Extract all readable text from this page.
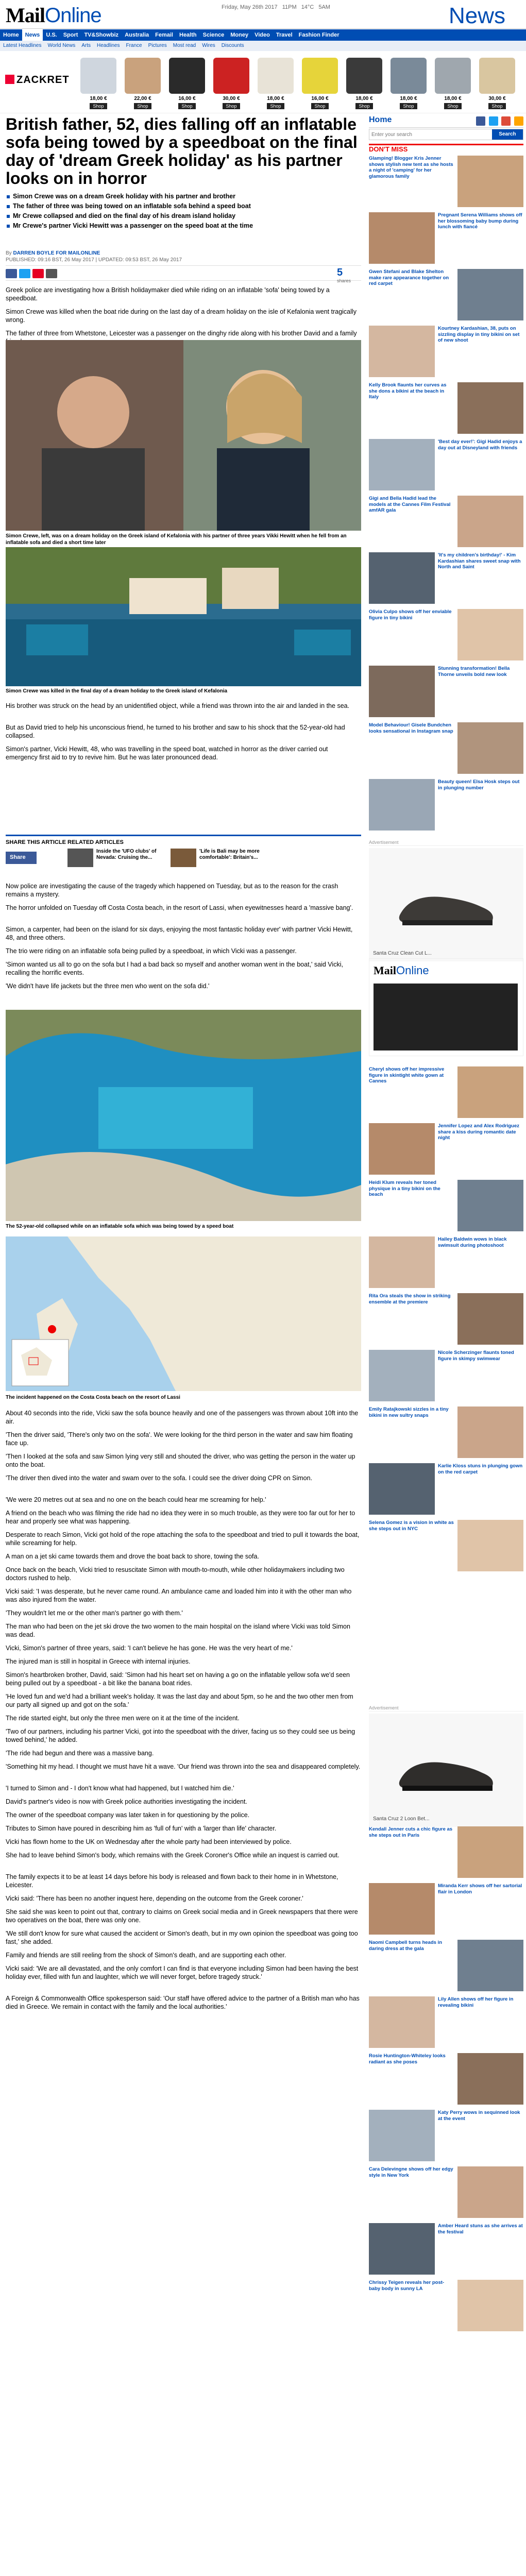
MailOnline	Friday, May 26th 2017 11PM 14°C 5AM	News
Home	News	U.S.	Sport	TV&Showbiz	Australia	Femail	Health	Science	Money	Video	Travel	Fashion Finder
Latest Headlines	World News	Arts	Headlines	France	Pictures	Most read	Wires	Discounts
ZACKRET
18,00 €
Shop
22,00 €
Shop
16,00 €
Shop
30,00 €
Shop
18,00 €
Shop
16,00 €
Shop
18,00 €
Shop
18,00 €
Shop
18,00 €
Shop
30,00 €
Shop
British father, 52, dies falling off an inflatable sofa being towed by a speedboat on the final day of 'dream Greek holiday' as his partner looks on in horror
Simon Crewe was on a dream Greek holiday with his partner and brother
The father of three was being towed on an inflatable sofa behind a speed boat
Mr Crewe collapsed and died on the final day of his dream island holiday
Mr Crewe's partner Vicki Hewitt was a passenger on the speed boat at the time
By DARREN BOYLE FOR MAILONLINE
PUBLISHED: 09:16 BST, 26 May 2017 | UPDATED: 09:53 BST, 26 May 2017
5
shares

Greek police are investigating how a British holidaymaker died while riding on an inflatable 'sofa' being towed by a speedboat.

Simon Crewe was killed when the boat ride during on the last day of a dream holiday on the isle of Kefalonia went tragically wrong.

The father of three from Whetstone, Leicester was a passenger on the dinghy ride along with his brother David and a family

Simon Crewe, left, was on a dream holiday on the Greek island of Kefalonia with his partner of three years Vikki Hewitt when he fell from an inflatable sofa and died a short time later
Simon Crewe was killed in the final day of a dream holiday to the Greek island of Kefalonia

His brother was struck on the head by an unidentified object, while a friend was thrown into the air and landed in the sea.

But as David tried to help his unconscious friend, he turned to his brother and saw to his shock that the 52-year-old had collapsed.

Simon's partner, Vicki Hewitt, 48, who was travelling in the speed boat, watched in horror as the driver carried out emergency first aid to try to revive him. But he was later pronounced dead.

SHARE THIS ARTICLE
Share
RELATED ARTICLES
Inside the 'UFO clubs' of Nevada: Cruising the...
'Life is Bali may be more comfortable': Britain's...

Now police are investigating the cause of the tragedy which happened on Tuesday, but as to the reason for the crash remains a mystery.

The horror unfolded on Tuesday off Costa Costa beach, in the resort of Lassi, when eyewitnesses heard a 'massive bang'.

Simon, a carpenter, had been on the island for six days, enjoying the most fantastic holiday ever' with partner Vicki Hewitt, 48, and three others.

The trio were riding on an inflatable sofa being pulled by a speedboat, in which Vicki was a passenger.

'Simon wanted us all to go on the sofa but I had a bad back so myself and another woman went in the boat,' said Vicki, recalling the horrific events.

'We didn't have life jackets but the three men who went on the sofa did.'

The 52-year-old collapsed while on an inflatable sofa which was being towed by a speed boat
The incident happened on the Costa Costa beach on the resort of Lassi

About 40 seconds into the ride, Vicki saw the sofa bounce heavily and one of the passengers was thrown about 10ft into the air.

'Then the driver said, 'There's only two on the sofa'. We were looking for the third person in the water and saw him floating face up.

'Then I looked at the sofa and saw Simon lying very still and shouted the driver, who was getting the person in the water up onto the boat.

'The driver then dived into the water and swam over to the sofa. I could see the driver doing CPR on Simon.

'We were 20 metres out at sea and no one on the beach could hear me screaming for help.'

A friend on the beach who was filming the ride had no idea they were in so much trouble, as they were too far out for her to hear and properly see what was happening.

Desperate to reach Simon, Vicki got hold of the rope attaching the sofa to the speedboat and tried to pull it towards the boat, while screaming for help.

A man on a jet ski came towards them and drove the boat back to shore, towing the sofa.

Once back on the beach, Vicki tried to resuscitate Simon with mouth-to-mouth, while other holidaymakers including two doctors rushed to help.

Vicki said: 'I was desperate, but he never came round. An ambulance came and loaded him into it with the other man who was also injured from the water.

'They wouldn't let me or the other man's partner go with them.'

The man who had been on the jet ski drove the two women to the main hospital on the island where Vicki was told Simon was dead.

Vicki, Simon's partner of three years, said: 'I can't believe he has gone. He was the very heart of me.'

The injured man is still in hospital in Greece with internal injuries.

Simon's heartbroken brother, David, said: 'Simon had his heart set on having a go on the inflatable yellow sofa we'd seen being pulled out by a speedboat - a bit like the banana boat rides.

'He loved fun and we'd had a brilliant week's holiday. It was the last day and about 5pm, so he and the two other men from our party all signed up and got on the sofa.'

The ride started eight, but only the three men were on it at the time of the incident.

'Two of our partners, including his partner Vicki, got into the speedboat with the driver, facing us so they could see us being towed behind,' he added.

'The ride had begun and there was a massive bang.

'Something hit my head. I thought we must have hit a wave. 'Our friend was thrown into the sea and disappeared completely.

'I turned to Simon and - I don't know what had happened, but I watched him die.'

David's partner's video is now with Greek police authorities investigating the incident.

The owner of the speedboat company was later taken in for questioning by the police.

Tributes to Simon have poured in describing him as 'full of fun' with a 'larger than life' character.

Vicki has flown home to the UK on Wednesday after the whole party had been interviewed by police.

She had to leave behind Simon's body, which remains with the Greek Coroner's Office while an inquest is carried out.

The family expects it to be at least 14 days before his body is released and flown back to their home in in Whetstone, Leicester.

Vicki said: 'There has been no another inquest here, depending on the outcome from the Greek coroner.'

She said she was keen to point out that, contrary to claims on Greek social media and in Greek newspapers that there were two operatives on the boat, there was only one.

'We still don't know for sure what caused the accident or Simon's death, but in my own opinion the speedboat was going too fast,' she added.

Family and friends are still reeling from the shock of Simon's death, and are supporting each other.

Vicki said: 'We are all devastated, and the only comfort I can find is that everyone including Simon had been having the best holiday ever, filled with fun and laughter, which we will never forget, before tragedy struck.'

A Foreign & Commonwealth Office spokesperson said: 'Our staff have offered advice to the partner of a British man who has died in Greece. We remain in contact with the family and the local authorities.'

Home

Enter your search
Search
DON'T MISS
Glamping! Blogger Kris Jenner shows stylish new tent as she hosts a night of 'camping' for her glamorous family
Pregnant Serena Williams shows off her blossoming baby bump during lunch with fiancé
Gwen Stefani and Blake Shelton make rare appearance together on red carpet
Kourtney Kardashian, 38, puts on sizzling display in tiny bikini on set of new shoot
Kelly Brook flaunts her curves as she dons a bikini at the beach in Italy
'Best day ever!': Gigi Hadid enjoys a day out at Disneyland with friends
Gigi and Bella Hadid lead the models at the Cannes Film Festival amfAR gala
'It's my children's birthday!' - Kim Kardashian shares sweet snap with North and Saint
Olivia Culpo shows off her enviable figure in tiny bikini
Stunning transformation! Bella Thorne unveils bold new look
Model Behaviour! Gisele Bundchen looks sensational in Instagram snap
Beauty queen! Elsa Hosk steps out in plunging number
Advertisement
Santa Cruz Clean Cut L...
MailOnline
Cheryl shows off her impressive figure in skintight white gown at Cannes
Jennifer Lopez and Alex Rodriguez share a kiss during romantic date night
Heidi Klum reveals her toned physique in a tiny bikini on the beach
Hailey Baldwin wows in black swimsuit during photoshoot
Rita Ora steals the show in striking ensemble at the premiere
Nicole Scherzinger flaunts toned figure in skimpy swimwear
Emily Ratajkowski sizzles in a tiny bikini in new sultry snaps
Karlie Kloss stuns in plunging gown on the red carpet
Selena Gomez is a vision in white as she steps out in NYC
Advertisement
Santa Cruz 2 Loon Bet...
Kendall Jenner cuts a chic figure as she steps out in Paris
Miranda Kerr shows off her sartorial flair in London
Naomi Campbell turns heads in daring dress at the gala
Lily Allen shows off her figure in revealing bikini
Rosie Huntington-Whiteley looks radiant as she poses
Katy Perry wows in sequinned look at the event
Cara Delevingne shows off her edgy style in New York
Amber Heard stuns as she arrives at the festival
Chrissy Teigen reveals her post-baby body in sunny LA
